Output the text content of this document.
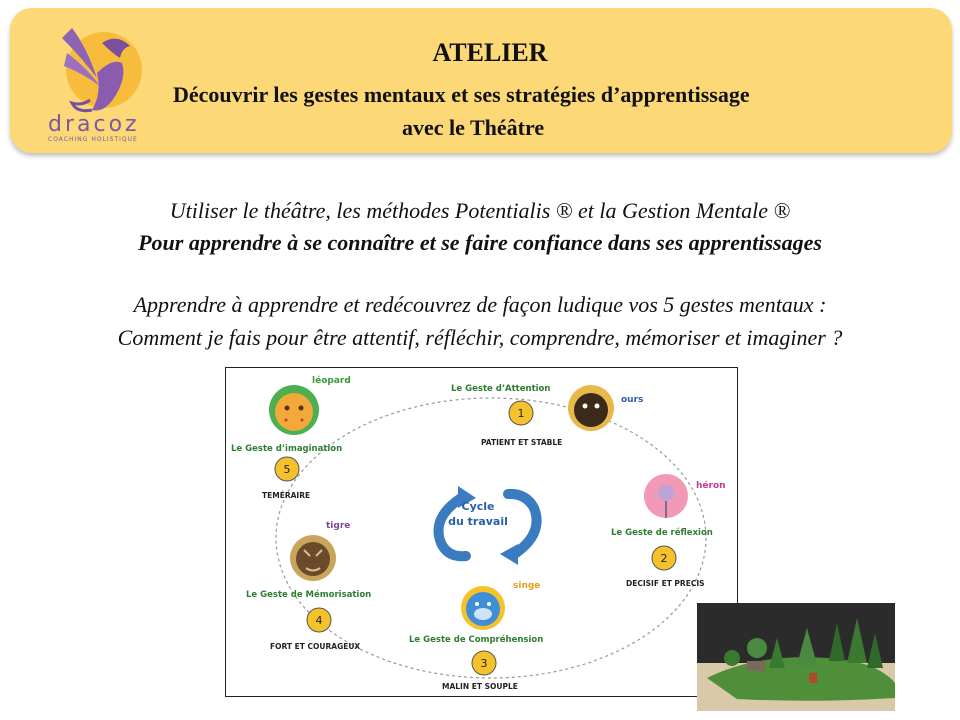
dracoz
COACHING HOLISTIQUE
ATELIER
Découvrir les gestes mentaux et ses stratégies d’apprentissage
avec le Théâtre
Utiliser le théâtre, les méthodes Potentialis ® et la Gestion Mentale ®
Pour apprendre à se connaître et se faire confiance dans ses apprentissages
Apprendre à apprendre et redécouvrez de façon ludique vos 5 gestes mentaux :
Comment je fais pour être attentif, réfléchir, comprendre, mémoriser et imaginer ?
Cycle
du travail
Le Geste d’Attention
1
PATIENT ET STABLE
ours
héron
Le Geste de réflexion
2
DECISIF ET PRECIS
singe
Le Geste de Compréhension
3
MALIN ET SOUPLE
tigre
Le Geste de Mémorisation
4
FORT ET COURAGEUX
léopard
Le Geste d’imagination
5
TEMÉRAIRE
